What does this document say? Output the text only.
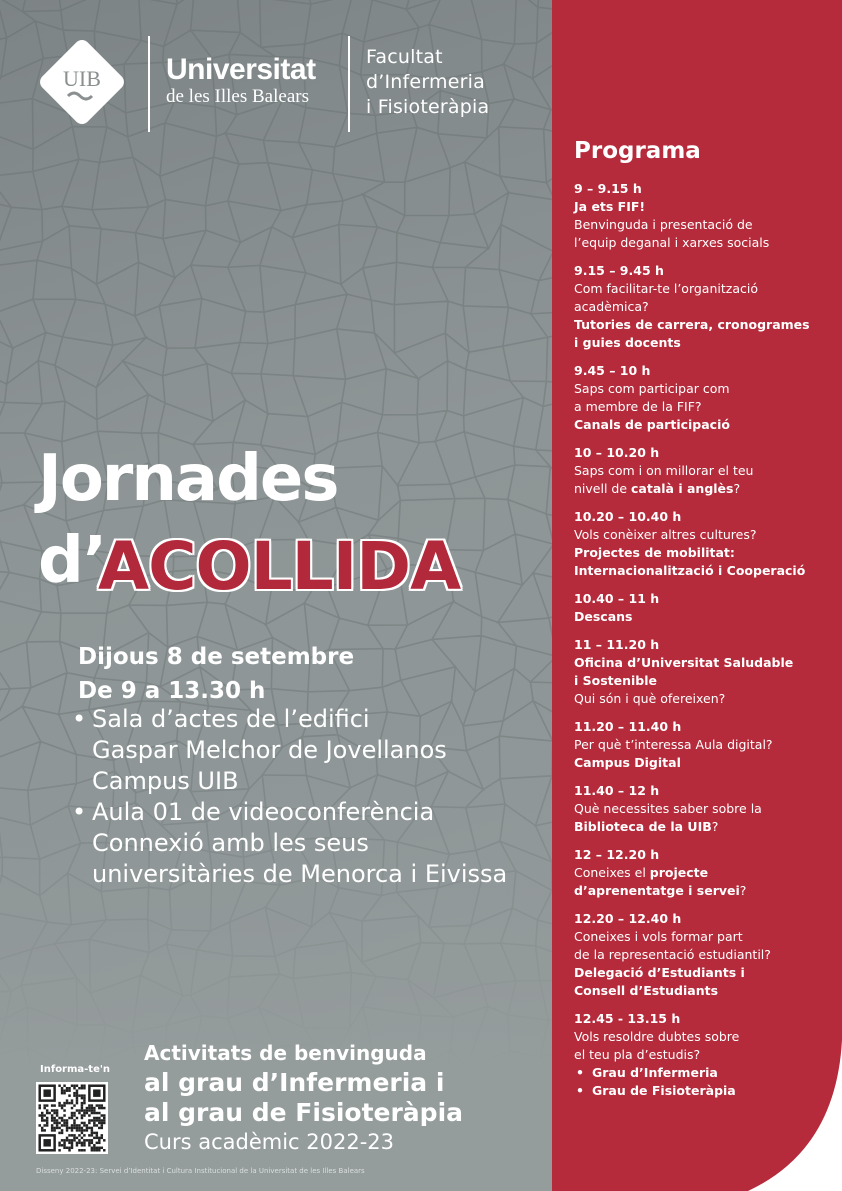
UIB Universitat
de les Illes Balears
Facultat
d’Infermeria
i Fisioteràpia
Jornades
d’
ACOLLIDA
Dijous 8 de setembre
De 9 a 13.30 h
• Sala d’actes de l’edifici
Gaspar Melchor de Jovellanos
Campus UIB
• Aula 01 de videoconferència
Connexió amb les seus
universitàries de Menorca i Eivissa
Informa-te'n
Activitats de benvinguda
al grau d’Infermeria i
al grau de Fisioteràpia
Curs acadèmic 2022-23
Disseny 2022-23: Servei d’Identitat i Cultura Institucional de la Universitat de les Illes Balears
Programa
9 – 9.15 h
Ja ets FIF!
Benvinguda i presentació de
l’equip deganal i xarxes socials
9.15 – 9.45 h
Com facilitar-te l’organització
acadèmica?
Tutories de carrera, cronogrames
i guies docents
9.45 – 10 h
Saps com participar com
a membre de la FIF?
Canals de participació
10 – 10.20 h
Saps com i on millorar el teu
nivell de català i anglès?
10.20 – 10.40 h
Vols conèixer altres cultures?
Projectes de mobilitat:
Internacionalització i Cooperació
10.40 – 11 h
Descans
11 – 11.20 h
Oficina d’Universitat Saludable
i Sostenible
Qui són i què ofereixen?
11.20 – 11.40 h
Per què t’interessa Aula digital?
Campus Digital
11.40 – 12 h
Què necessites saber sobre la
Biblioteca de la UIB?
12 – 12.20 h
Coneixes el projecte
d’aprenentatge i servei?
12.20 – 12.40 h
Coneixes i vols formar part
de la representació estudiantil?
Delegació d’Estudiants i
Consell d’Estudiants
12.45 - 13.15 h
Vols resoldre dubtes sobre
el teu pla d’estudis?
• Grau d’Infermeria
• Grau de Fisioteràpia
